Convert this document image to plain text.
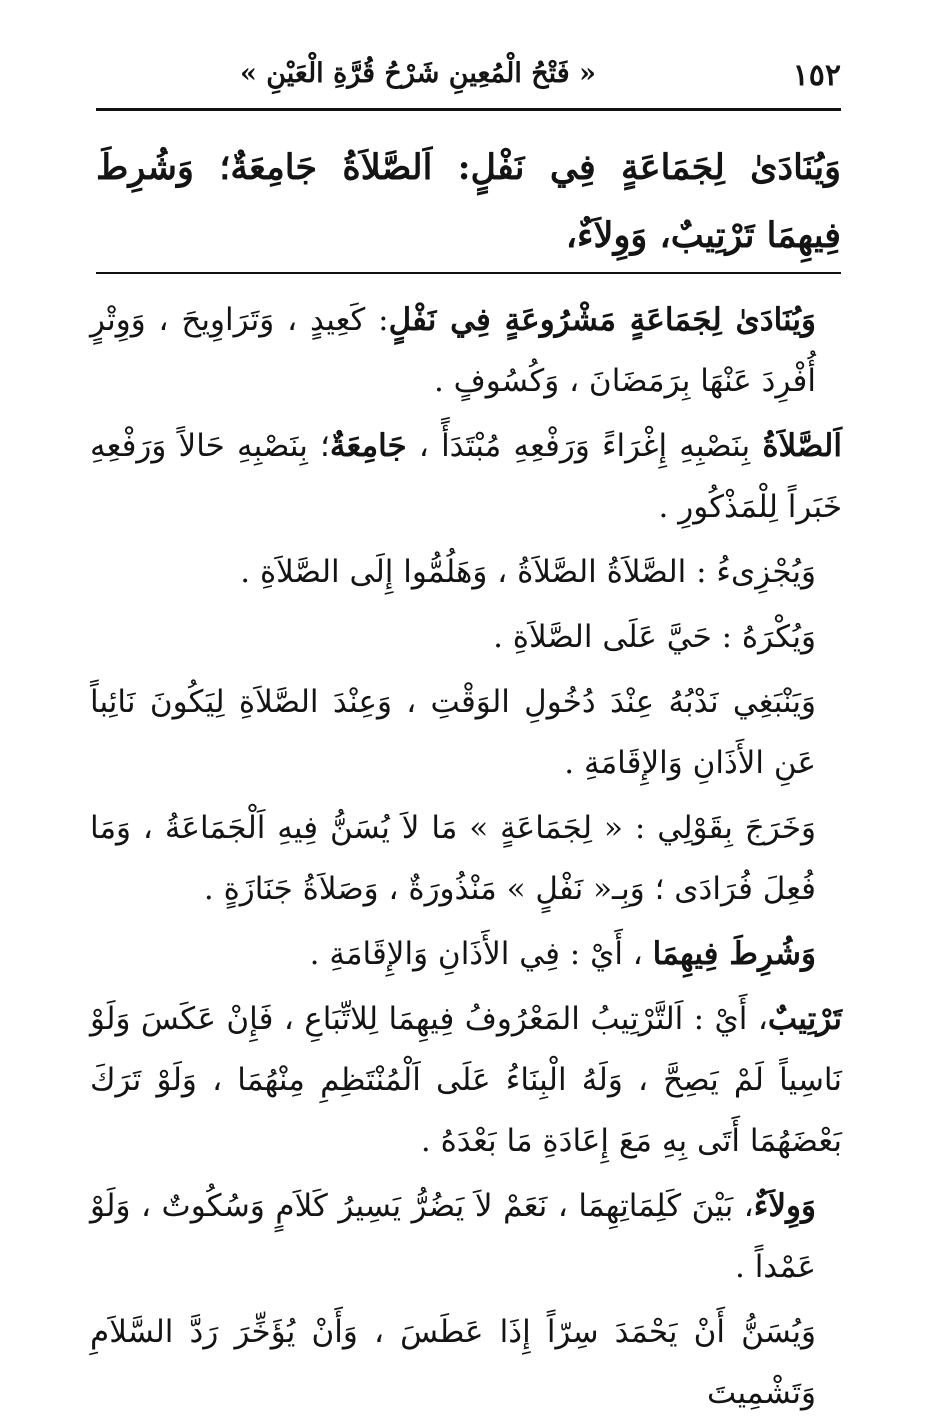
١٥٢
« فَتْحُ الْمُعِينِ شَرْحُ قُرَّةِ الْعَيْنِ »

وَيُنَادَىٰ لِجَمَاعَةٍ فِي نَفْلٍ: اَلصَّلاَةُ جَامِعَةٌ؛ وَشُرِطَ فِيهِمَا تَرْتِيبٌ، وَوِلاَءٌ،

وَيُنَادَىٰ لِجَمَاعَةٍ مَشْرُوعَةٍ فِي نَفْلٍ: كَعِيدٍ ، وَتَرَاوِيحَ ، وَوِتْرٍ أُفْرِدَ عَنْهَا بِرَمَضَانَ ، وَكُسُوفٍ .

اَلصَّلاَةُ بِنَصْبِهِ إِغْرَاءً وَرَفْعِهِ مُبْتَدَأً ، جَامِعَةٌ؛ بِنَصْبِهِ حَالاً وَرَفْعِهِ خَبَراً لِلْمَذْكُورِ .

وَيُجْزِىءُ : الصَّلاَةُ الصَّلاَةُ ، وَهَلُمُّوا إِلَى الصَّلاَةِ .

وَيُكْرَهُ : حَيَّ عَلَى الصَّلاَةِ .

وَيَنْبَغِي نَدْبُهُ عِنْدَ دُخُولِ الوَقْتِ ، وَعِنْدَ الصَّلاَةِ لِيَكُونَ نَائِباً عَنِ الأَذَانِ وَالإِقَامَةِ .

وَخَرَجَ بِقَوْلِي : « لِجَمَاعَةٍ » مَا لاَ يُسَنُّ فِيهِ اَلْجَمَاعَةُ ، وَمَا فُعِلَ فُرَادَى ؛ وَبِـ« نَفْلٍ » مَنْذُورَةٌ ، وَصَلاَةُ جَنَازَةٍ .

وَشُرِطَ فِيهِمَا ، أَيْ : فِي الأَذَانِ وَالإِقَامَةِ .

تَرْتِيبٌ، أَيْ : اَلتَّرْتِيبُ المَعْرُوفُ فِيهِمَا لِلاتِّبَاعِ ، فَإِنْ عَكَسَ وَلَوْ نَاسِياً لَمْ يَصِحَّ ، وَلَهُ الْبِنَاءُ عَلَى اَلْمُنْتَظِمِ مِنْهُمَا ، وَلَوْ تَرَكَ بَعْضَهُمَا أَتَى بِهِ مَعَ إِعَادَةِ مَا بَعْدَهُ .

وَوِلاَءٌ، بَيْنَ كَلِمَاتِهِمَا ، نَعَمْ لاَ يَضُرُّ يَسِيرُ كَلاَمٍ وَسُكُوتٌ ، وَلَوْ عَمْداً .

وَيُسَنُّ أَنْ يَحْمَدَ سِرّاً إِذَا عَطَسَ ، وَأَنْ يُؤَخِّرَ رَدَّ السَّلاَمِ وَتَشْمِيتَ
